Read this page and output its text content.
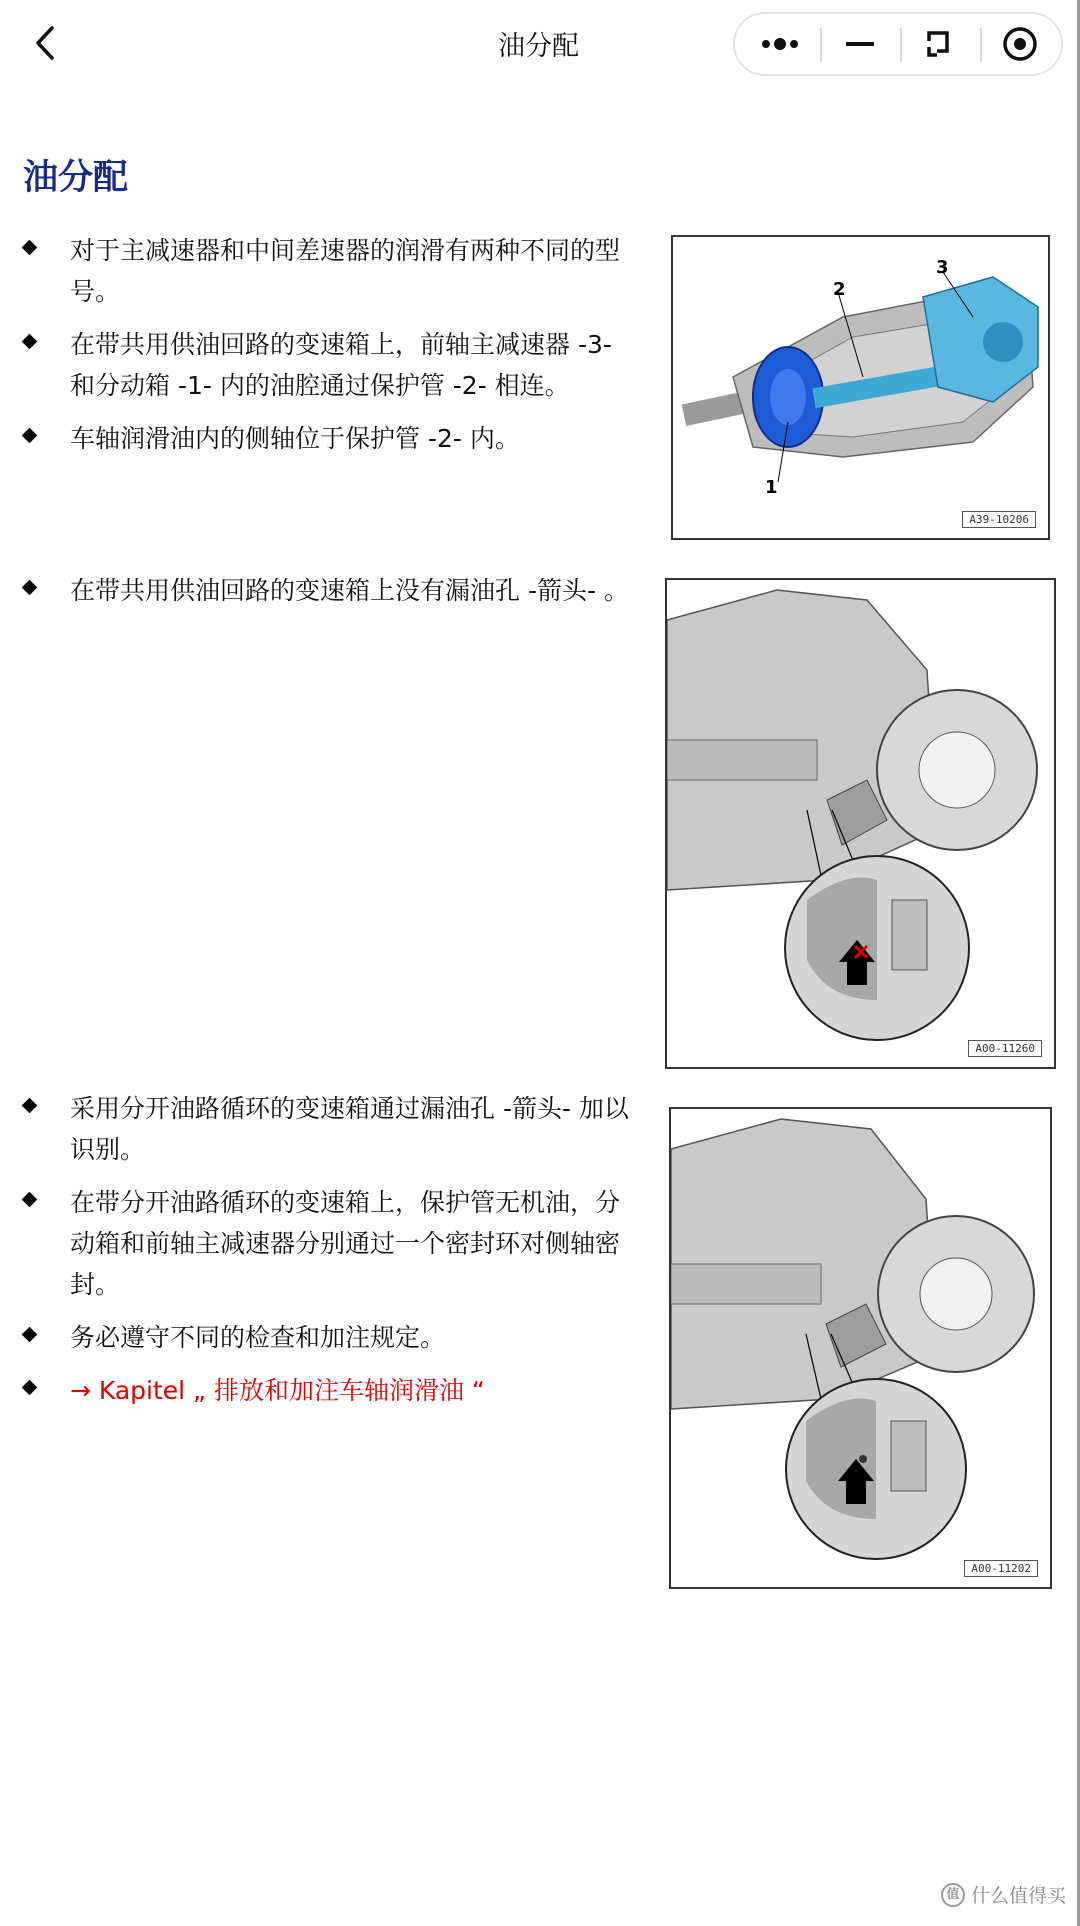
油分配
油分配
对于主减速器和中间差速器的润滑有两种不同的型号。
在带共用供油回路的变速箱上，前轴主减速器 -3- 和分动箱 -1- 内的油腔通过保护管 -2- 相连。
车轴润滑油内的侧轴位于保护管 -2- 内。
2
3
1
A39-10206
在带共用供油回路的变速箱上没有漏油孔 -箭头- 。
A00-11260
采用分开油路循环的变速箱通过漏油孔 -箭头- 加以识别。
在带分开油路循环的变速箱上，保护管无机油，分动箱和前轴主减速器分别通过一个密封环对侧轴密封。
务必遵守不同的检查和加注规定。
→ Kapitel „ 排放和加注车轴润滑油 “
A00-11202
值 什么值得买
